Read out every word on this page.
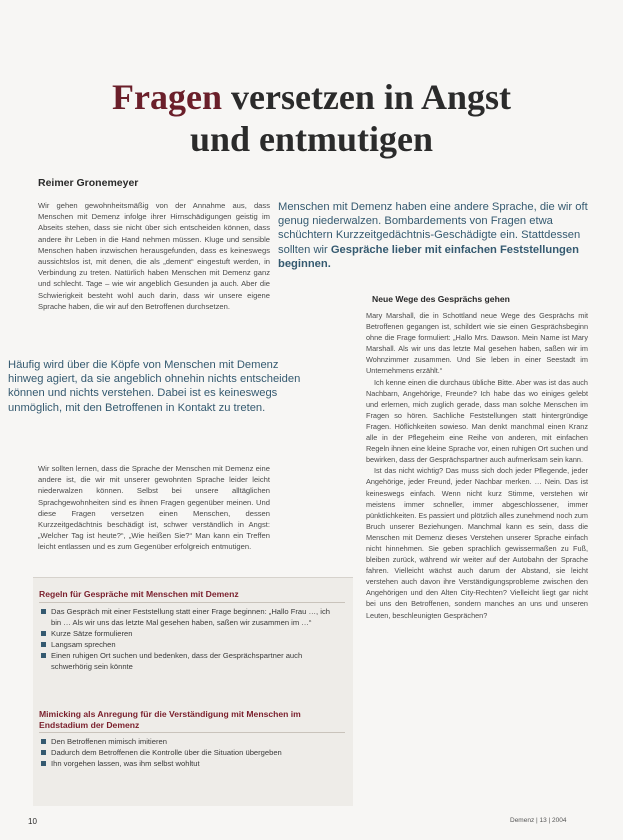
Fragen versetzen in Angst
und entmutigen
Reimer Gronemeyer
Wir gehen gewohnheitsmäßig von der Annahme aus, dass Menschen mit Demenz infolge ihrer Hirnschädigungen geistig im Abseits stehen, dass sie nicht über sich entscheiden können, dass andere ihr Leben in die Hand nehmen müssen. Kluge und sensible Menschen haben inzwischen herausgefunden, dass es keineswegs aussichtslos ist, mit denen, die als „dement“ eingestuft werden, in Verbindung zu treten. Natürlich haben Menschen mit Demenz ganz und schlecht. Tage – wie wir angeblich Gesunden ja auch. Aber die Schwierigkeit besteht wohl auch darin, dass wir unsere eigene Sprache haben, die wir auf den Betroffenen durchsetzen.
Menschen mit Demenz haben eine andere Sprache, die wir oft genug niederwalzen. Bombardements von Fragen etwa schüchtern Kurzzeitgedächtnis-Geschädigte ein. Stattdessen sollten wir Gespräche lieber mit einfachen Feststellungen beginnen.
Häufig wird über die Köpfe von Menschen mit Demenz hinweg agiert, da sie angeblich ohnehin nichts entscheiden können und nichts verstehen. Dabei ist es keineswegs unmöglich, mit den Betroffenen in Kontakt zu treten.
Wir sollten lernen, dass die Sprache der Menschen mit Demenz eine andere ist, die wir mit unserer gewohnten Sprache leider leicht niederwalzen können. Selbst bei unsere alltäglichen Sprachgewohnheiten sind es ihnen Fragen gegenüber meinen. Und diese Fragen versetzen einen Menschen, dessen Kurzzeitgedächtnis beschädigt ist, schwer verständlich in Angst: „Welcher Tag ist heute?“, „Wie heißen Sie?“ Man kann ein Treffen leicht entlassen und es zum Gegenüber erfolgreich entmutigen.
Neue Wege des Gesprächs gehen

Mary Marshall, die in Schottland neue Wege des Gesprächs mit Betroffenen gegangen ist, schildert wie sie einen Gesprächsbeginn ohne die Frage formuliert: „Hallo Mrs. Dawson. Mein Name ist Mary Marshall. Als wir uns das letzte Mal gesehen haben, saßen wir im Wohnzimmer zusammen. Und Sie leben in einer Seestadt im Unternehmens erzählt.“

Ich kenne einen die durchaus übliche Bitte. Aber was ist das auch Nachbarn, Angehörige, Freunde? Ich habe das wo einiges gelebt und erlernen, mich zuglich gerade, dass man solche Menschen im Fragen so hören. Sachliche Feststellungen statt hintergründige Fragen. Höflichkeiten sowieso. Man denkt manchmal einen Kranz alle in der Pflegeheim eine Reihe von anderen, mit einfachen Regeln ihnen eine kleine Sprache vor, einen ruhigen Ort suchen und bewirken, dass der Gesprächspartner auch aufmerksam sein kann.

Ist das nicht wichtig? Das muss sich doch jeder Pflegende, jeder Angehörige, jeder Freund, jeder Nachbar merken. … Nein. Das ist keineswegs einfach. Wenn nicht kurz Stimme, verstehen wir meistens immer schneller, immer abgeschlossener, immer pünktlichkeiten. Es passiert und plötzlich alles zunehmend noch zum Bruch unserer Beziehungen. Manchmal kann es sein, dass die Menschen mit Demenz dieses Verstehen unserer Sprache einfach nicht hinnehmen. Sie geben sprachlich gewissermaßen zu Fuß, bleiben zurück, während wir weiter auf der Autobahn der Sprache fahren. Vielleicht wächst auch darum der Abstand, sie leicht verstehen auch davon ihre Verständigungsprobleme zwischen den Angehörigen und den Alten City-Rechten? Vielleicht liegt gar nicht bei uns den Betroffenen, sondern manches an uns und unseren Leuten, beschleunigten Gesprächen?

Regeln für Gespräche mit Menschen mit Demenz
Das Gespräch mit einer Feststellung statt einer Frage beginnen: „Hallo Frau …, ich bin … Als wir uns das letzte Mal gesehen haben, saßen wir zusammen im …“
Kurze Sätze formulieren
Langsam sprechen
Einen ruhigen Ort suchen und bedenken, dass der Gesprächspartner auch schwerhörig sein könnte
Mimicking als Anregung für die Verständigung mit Menschen im Endstadium der Demenz
Den Betroffenen mimisch imitieren
Dadurch dem Betroffenen die Kontrolle über die Situation übergeben
Ihn vorgehen lassen, was ihm selbst wohltut
10	Demenz | 13 | 2004
